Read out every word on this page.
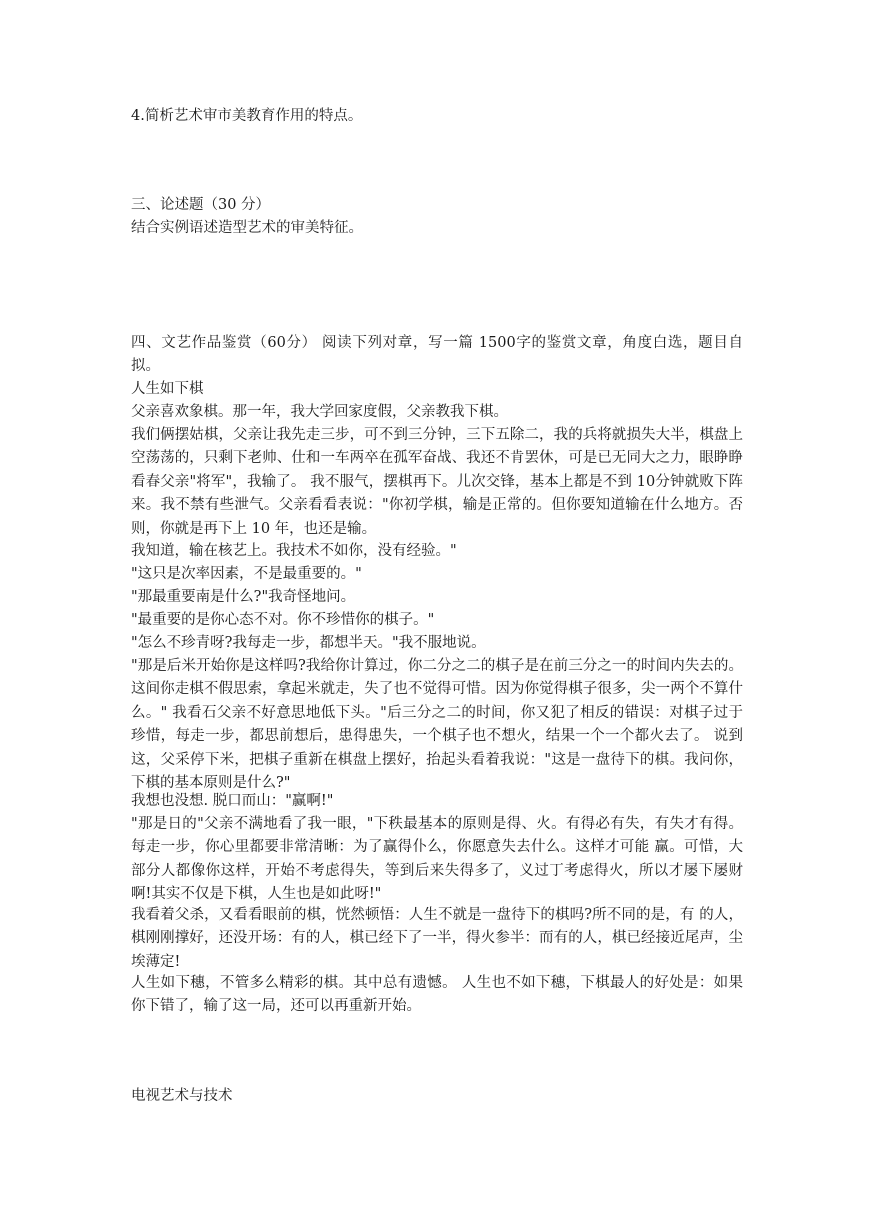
4.简析艺术审市美教育作用的特点。
三、论述题（30 分）
结合实例语述造型艺术的审美特征。

四、文艺作品鉴赏（60分） 阅读下列对章，写一篇 1500字的鉴赏文章，角度白选，题目自拟。

人生如下棋

父亲喜欢象棋。那一年，我大学回家度假，父亲教我下棋。

我们俩摆姑棋，父亲让我先走三步，可不到三分钟，三下五除二，我的兵将就损失大半，棋盘上空荡荡的，只剩下老帅、仕和一车两卒在孤军奋战、我还不肯罢休，可是已无同大之力，眼睁睁看春父亲"将军"，我输了。 我不服气，摆棋再下。儿次交锋，基本上都是不到 10分钟就败下阵来。我不禁有些泄气。父亲看看表说："你初学棋，输是正常的。但你要知道输在什么地方。否则，你就是再下上 10 年，也还是输。

我知道，输在核艺上。我技术不如你，没有经验。"

"这只是次率因素，不是最重要的。"

"那最重要南是什么?"我奇怪地问。

"最重要的是你心态不对。你不珍惜你的棋子。"

"怎么不珍青呀?我每走一步，都想半天。"我不服地说。

"那是后米开始你是这样吗?我给你计算过，你二分之二的棋子是在前三分之一的时间内失去的。这间你走棋不假思索，拿起米就走，失了也不觉得可惜。因为你觉得棋子很多，尖一两个不算什么。" 我看石父亲不好意思地低下头。"后三分之二的时间，你又犯了相反的错误：对棋子过于珍惜，每走一步，都思前想后，患得患失，一个棋子也不想火，结果一个一个都火去了。 说到这，父采停下米，把棋子重新在棋盘上摆好，抬起头看着我说："这是一盘待下的棋。我问你，下棋的基本原则是什么?"

我想也没想. 脱口而山："赢啊!"

"那是日的"父亲不满地看了我一眼，"下秩最基本的原则是得、火。有得必有失，有失才有得。每走一步，你心里都要非常清晰：为了赢得仆么，你愿意失去什么。这样才可能 赢。可惜，大部分人都像你这样，开始不考虑得失，等到后来失得多了，义过丁考虑得火，所以才屡下屡财啊!其实不仅是下棋，人生也是如此呀!"

我看着父杀，又看看眼前的棋，恍然顿悟：人生不就是一盘待下的棋吗?所不同的是，有 的人，棋刚刚撑好，还没开场：有的人，棋已经下了一半，得火参半：而有的人，棋已经接近尾声，尘埃薄定!

人生如下穗，不管多么精彩的棋。其中总有遗憾。 人生也不如下穗，下棋最人的好处是：如果你下错了，输了这一局，还可以再重新开始。

电视艺术与技术
